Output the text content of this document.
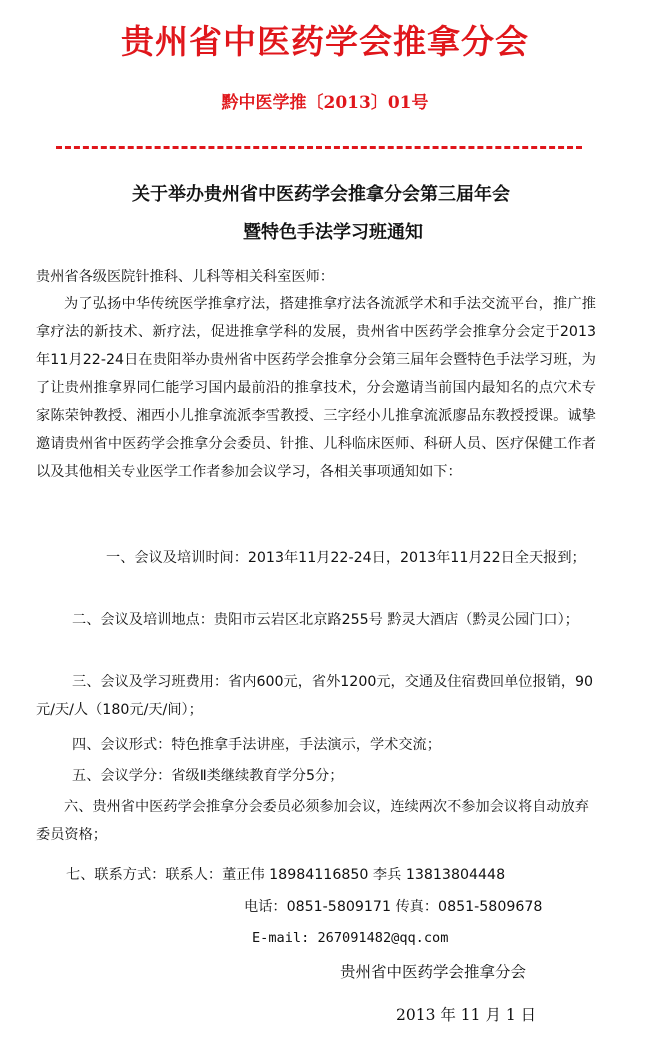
贵州省中医药学会推拿分会
黔中医学推〔2013〕01号
关于举办贵州省中医药学会推拿分会第三届年会
暨特色手法学习班通知
贵州省各级医院针推科、儿科等相关科室医师：
为了弘扬中华传统医学推拿疗法，搭建推拿疗法各流派学术和手法交流平台，推广推拿疗法的新技术、新疗法，促进推拿学科的发展，贵州省中医药学会推拿分会定于2013年11月22-24日在贵阳举办贵州省中医药学会推拿分会第三届年会暨特色手法学习班，为了让贵州推拿界同仁能学习国内最前沿的推拿技术，分会邀请当前国内最知名的点穴术专家陈荣钟教授、湘西小儿推拿流派李雪教授、三字经小儿推拿流派廖品东教授授课。诚挚邀请贵州省中医药学会推拿分会委员、针推、儿科临床医师、科研人员、医疗保健工作者以及其他相关专业医学工作者参加会议学习，各相关事项通知如下：
一、会议及培训时间：2013年11月22-24日，2013年11月22日全天报到；
二、会议及培训地点：贵阳市云岩区北京路255号 黔灵大酒店（黔灵公园门口）；
三、会议及学习班费用：省内600元，省外1200元，交通及住宿费回单位报销，90元/天/人（180元/天/间）；
四、会议形式：特色推拿手法讲座，手法演示，学术交流；
五、会议学分：省级Ⅱ类继续教育学分5分；
六、贵州省中医药学会推拿分会委员必须参加会议，连续两次不参加会议将自动放弃委员资格；
七、联系方式：联系人：董正伟 18984116850 李兵 13813804448
电话：0851-5809171 传真：0851-5809678
E-mail: 267091482@qq.com
贵州省中医药学会推拿分会
2013 年 11 月 1 日
